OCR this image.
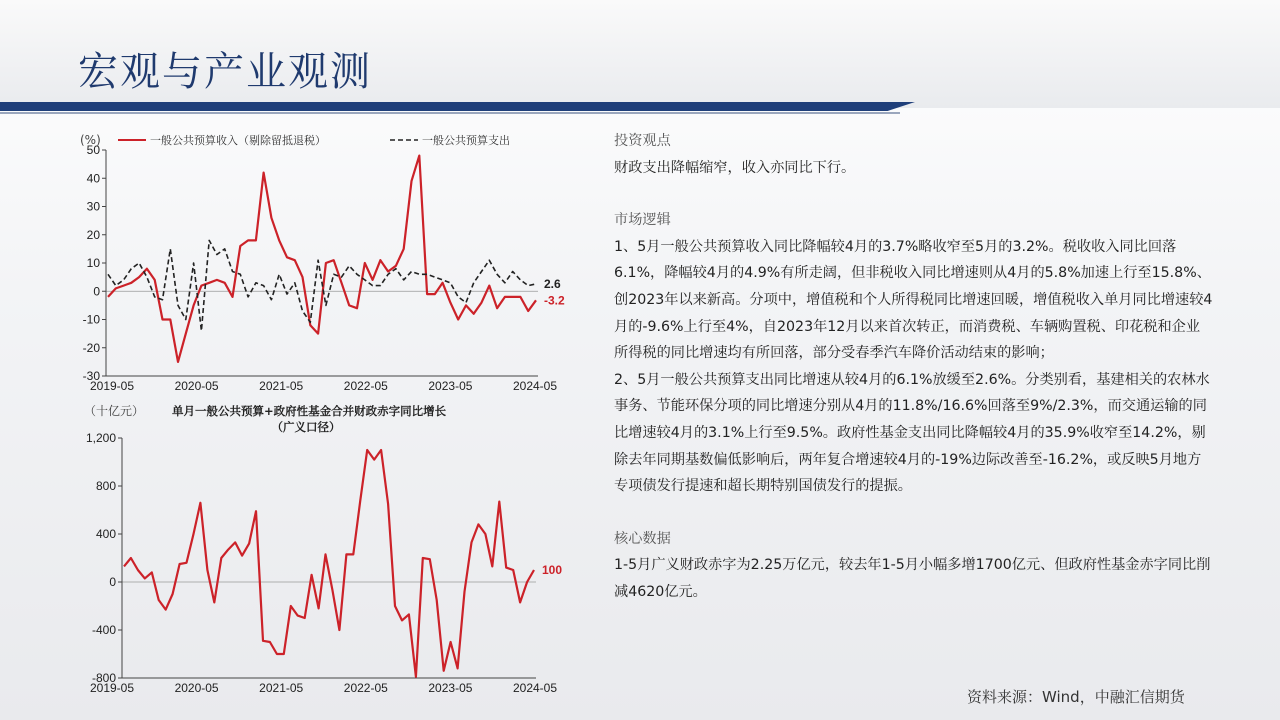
宏观与产业观测
-30
-20
-10
0
10
20
30
40
50
2019-05	2020-05	2021-05	2022-05	2023-05	2024-05
(%)
-3.2
2.6
一般公共预算收入（剔除留抵退税）	一般公共预算支出
-800
-400
0
400
800
1,200
2019-05	2020-05	2021-05	2022-05	2023-05	2024-05
（十亿元）
100
单月一般公共预算+政府性基金合并财政赤字同比增长
（广义口径）

投资观点

财政支出降幅缩窄，收入亦同比下行。

市场逻辑

1、5月一般公共预算收入同比降幅较4月的3.7%略收窄至5月的3.2%。税收收入同比回落6.1%，降幅较4月的4.9%有所走阔，但非税收入同比增速则从4月的5.8%加速上行至15.8%、创2023年以来新高。分项中，增值税和个人所得税同比增速回暖，增值税收入单月同比增速较4月的-9.6%上行至4%，自2023年12月以来首次转正，而消费税、车辆购置税、印花税和企业所得税的同比增速均有所回落，部分受春季汽车降价活动结束的影响；

2、5月一般公共预算支出同比增速从较4月的6.1%放缓至2.6%。分类别看，基建相关的农林水事务、节能环保分项的同比增速分别从4月的11.8%/16.6%回落至9%/2.3%，而交通运输的同比增速较4月的3.1%上行至9.5%。政府性基金支出同比降幅较4月的35.9%收窄至14.2%，剔除去年同期基数偏低影响后，两年复合增速较4月的-19%边际改善至-16.2%，或反映5月地方专项债发行提速和超长期特别国债发行的提振。

核心数据

1-5月广义财政赤字为2.25万亿元，较去年1-5月小幅多增1700亿元、但政府性基金赤字同比削减4620亿元。

资料来源：Wind，中融汇信期货
